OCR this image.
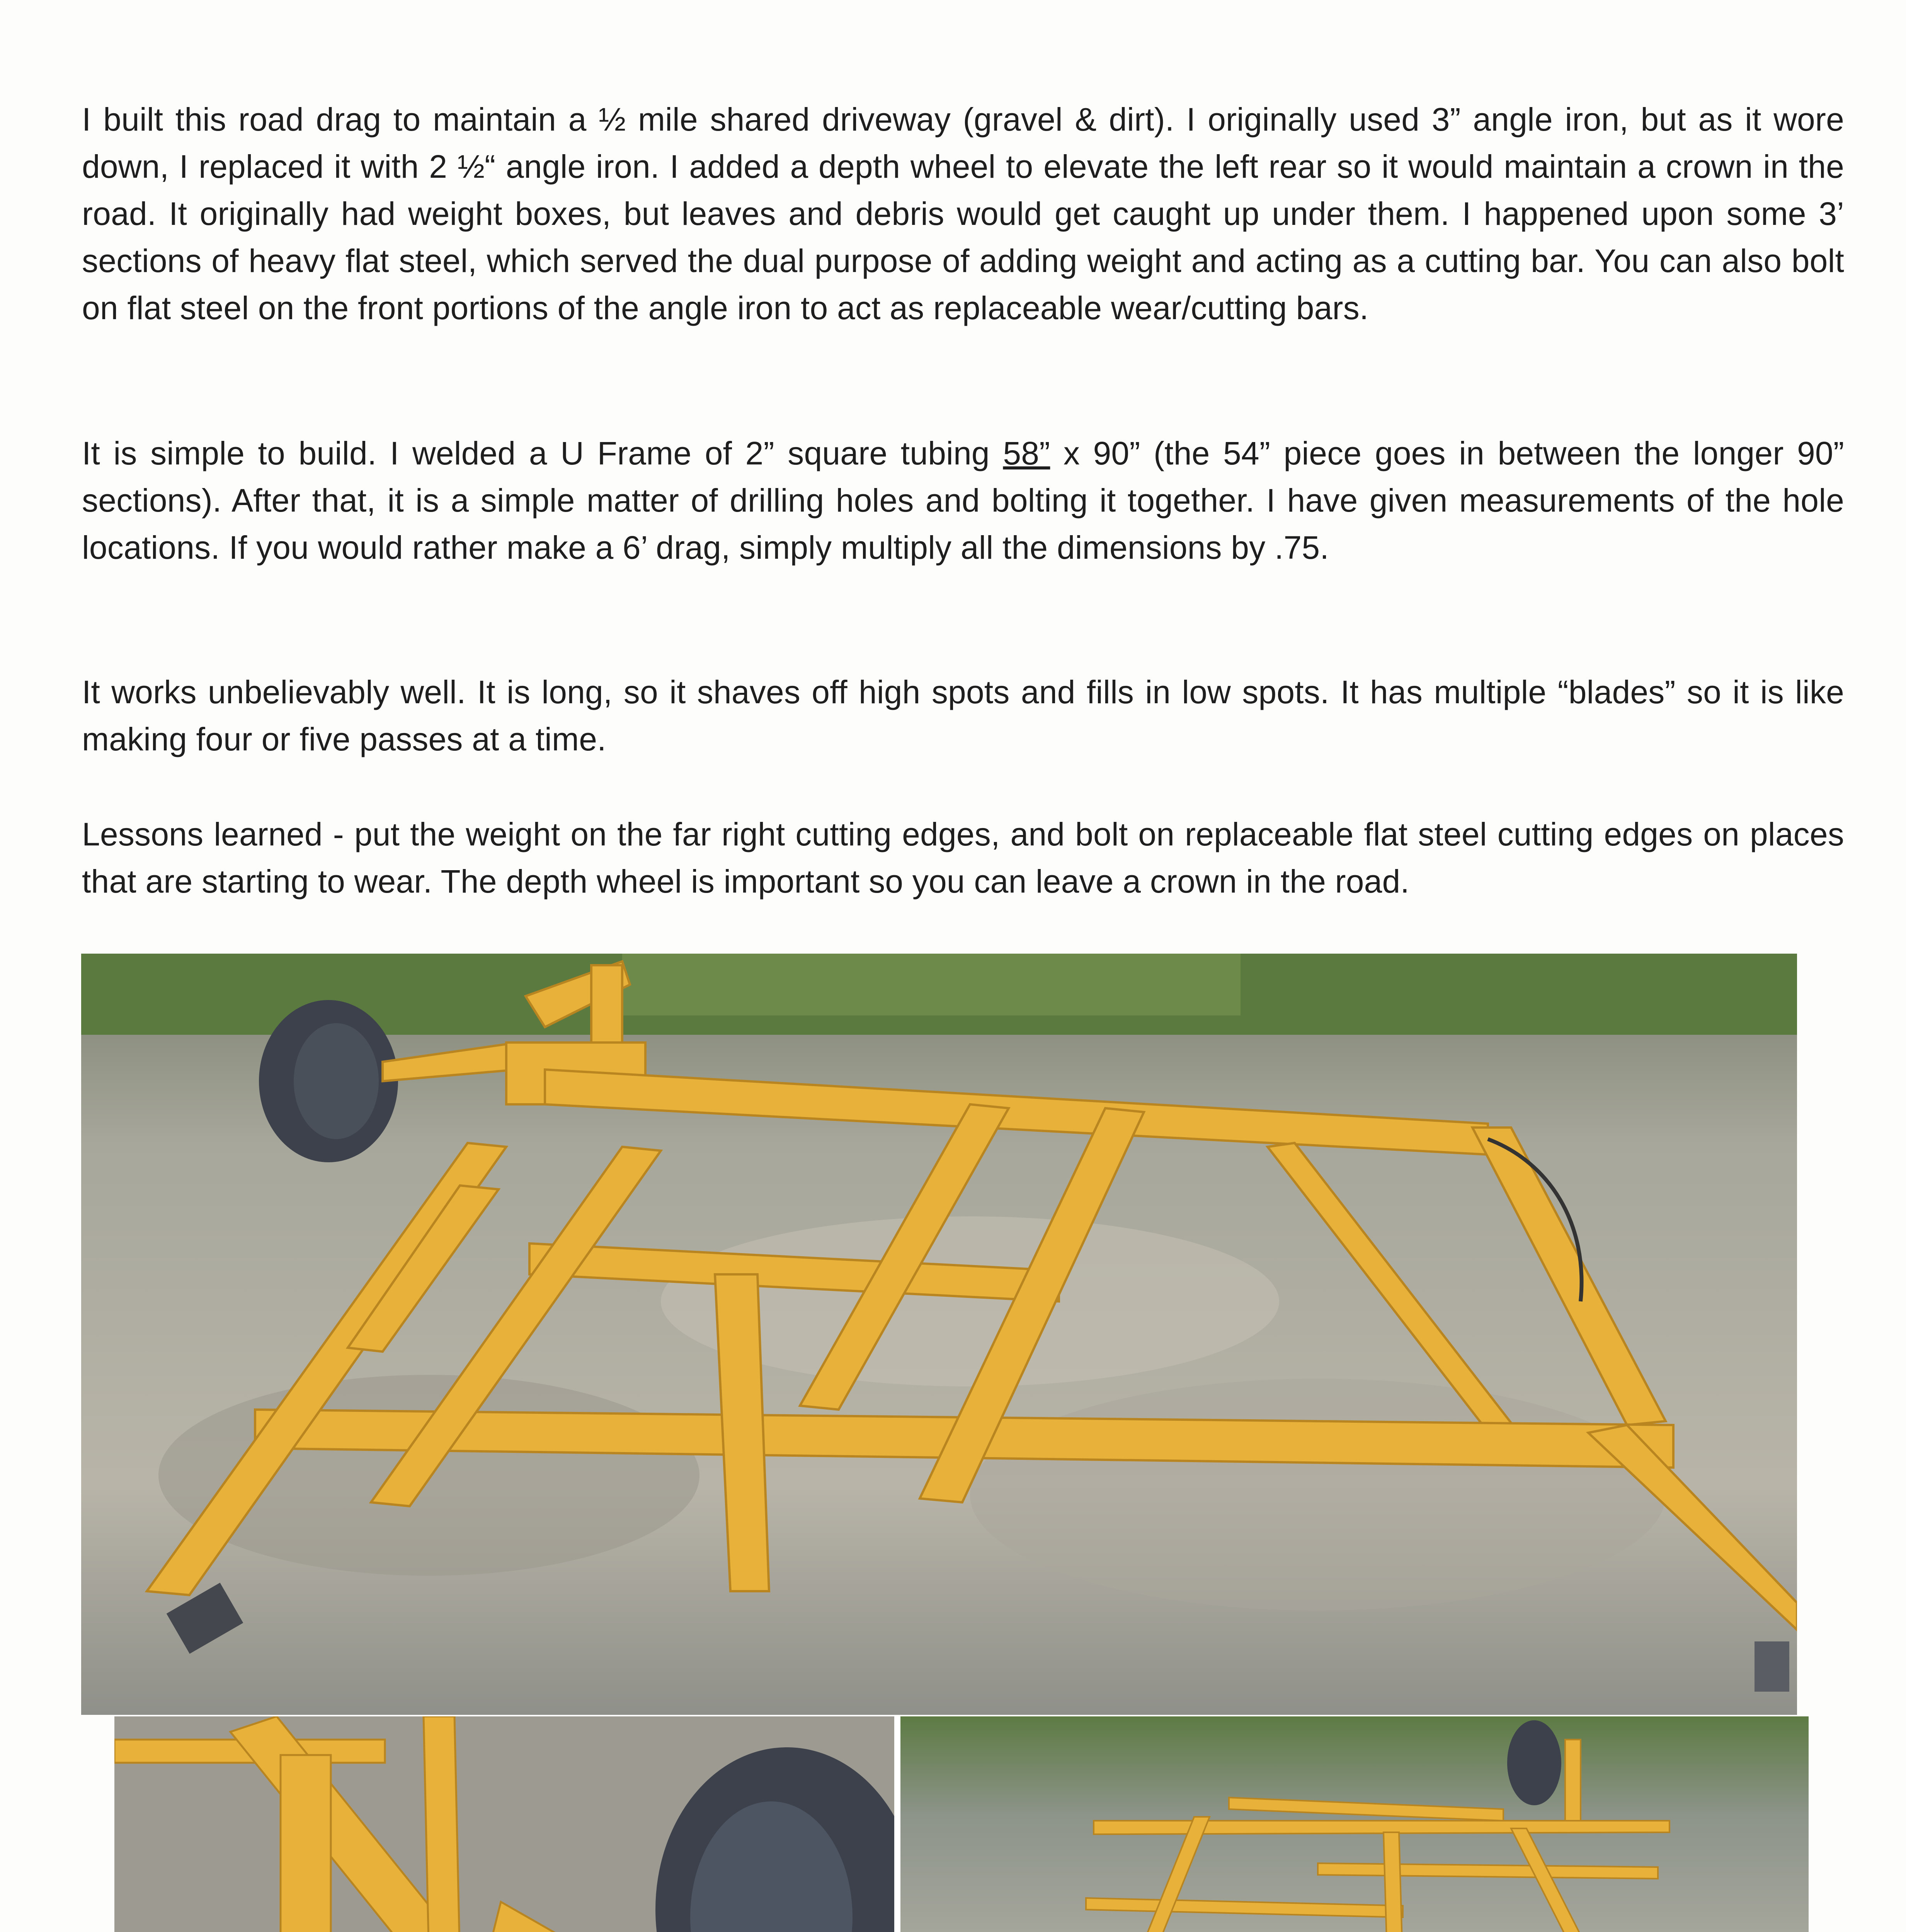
I built this road drag to maintain a ½ mile shared driveway (gravel & dirt). I originally used 3” angle iron, but as it wore down, I replaced it with 2 ½“ angle iron. I added a depth wheel to elevate the left rear so it would maintain a crown in the road. It originally had weight boxes, but leaves and debris would get caught up under them. I happened upon some 3’ sections of heavy flat steel, which served the dual purpose of adding weight and acting as a cutting bar. You can also bolt on flat steel on the front portions of the angle iron to act as replaceable wear/cutting bars.
It is simple to build. I welded a U Frame of 2” square tubing 58” x 90” (the 54” piece goes in between the longer 90” sections). After that, it is a simple matter of drilling holes and bolting it together. I have given measurements of the hole locations. If you would rather make a 6’ drag, simply multiply all the dimensions by .75.
It works unbelievably well. It is long, so it shaves off high spots and fills in low spots. It has multiple “blades” so it is like making four or five passes at a time.
Lessons learned - put the weight on the far right cutting edges, and bolt on replaceable flat steel cutting edges on places that are starting to wear. The depth wheel is important so you can leave a crown in the road.
